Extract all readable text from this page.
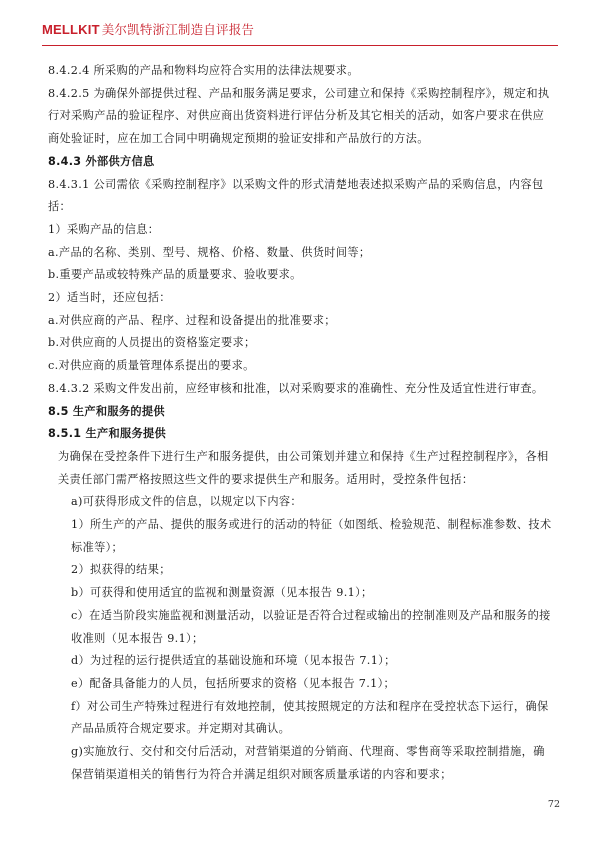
MELLKIT 美尔凯特浙江制造自评报告
8.4.2.4 所采购的产品和物料均应符合实用的法律法规要求。
8.4.2.5 为确保外部提供过程、产品和服务满足要求，公司建立和保持《采购控制程序》，规定和执行对采购产品的验证程序、对供应商出货资料进行评估分析及其它相关的活动，如客户要求在供应商处验证时，应在加工合同中明确规定预期的验证安排和产品放行的方法。
8.4.3 外部供方信息
8.4.3.1 公司需依《采购控制程序》以采购文件的形式清楚地表述拟采购产品的采购信息，内容包括：
1）采购产品的信息：
a.产品的名称、类别、型号、规格、价格、数量、供货时间等；
b.重要产品或较特殊产品的质量要求、验收要求。
2）适当时，还应包括：
a.对供应商的产品、程序、过程和设备提出的批准要求；
b.对供应商的人员提出的资格鉴定要求；
c.对供应商的质量管理体系提出的要求。
8.4.3.2 采购文件发出前，应经审核和批准，以对采购要求的准确性、充分性及适宜性进行审查。
8.5 生产和服务的提供
8.5.1 生产和服务提供
为确保在受控条件下进行生产和服务提供，由公司策划并建立和保持《生产过程控制程序》，各相关责任部门需严格按照这些文件的要求提供生产和服务。适用时，受控条件包括：
a)可获得形成文件的信息，以规定以下内容：
1）所生产的产品、提供的服务或进行的活动的特征（如图纸、检验规范、制程标准参数、技术标准等）；
2）拟获得的结果；
b）可获得和使用适宜的监视和测量资源（见本报告 9.1）；
c）在适当阶段实施监视和测量活动，以验证是否符合过程或输出的控制准则及产品和服务的接收准则（见本报告 9.1）；
d）为过程的运行提供适宜的基础设施和环境（见本报告 7.1）；
e）配备具备能力的人员，包括所要求的资格（见本报告 7.1）；
f）对公司生产特殊过程进行有效地控制，使其按照规定的方法和程序在受控状态下运行，确保产品品质符合规定要求。并定期对其确认。
g)实施放行、交付和交付后活动，对营销渠道的分销商、代理商、零售商等采取控制措施，确保营销渠道相关的销售行为符合并满足组织对顾客质量承诺的内容和要求；
72
